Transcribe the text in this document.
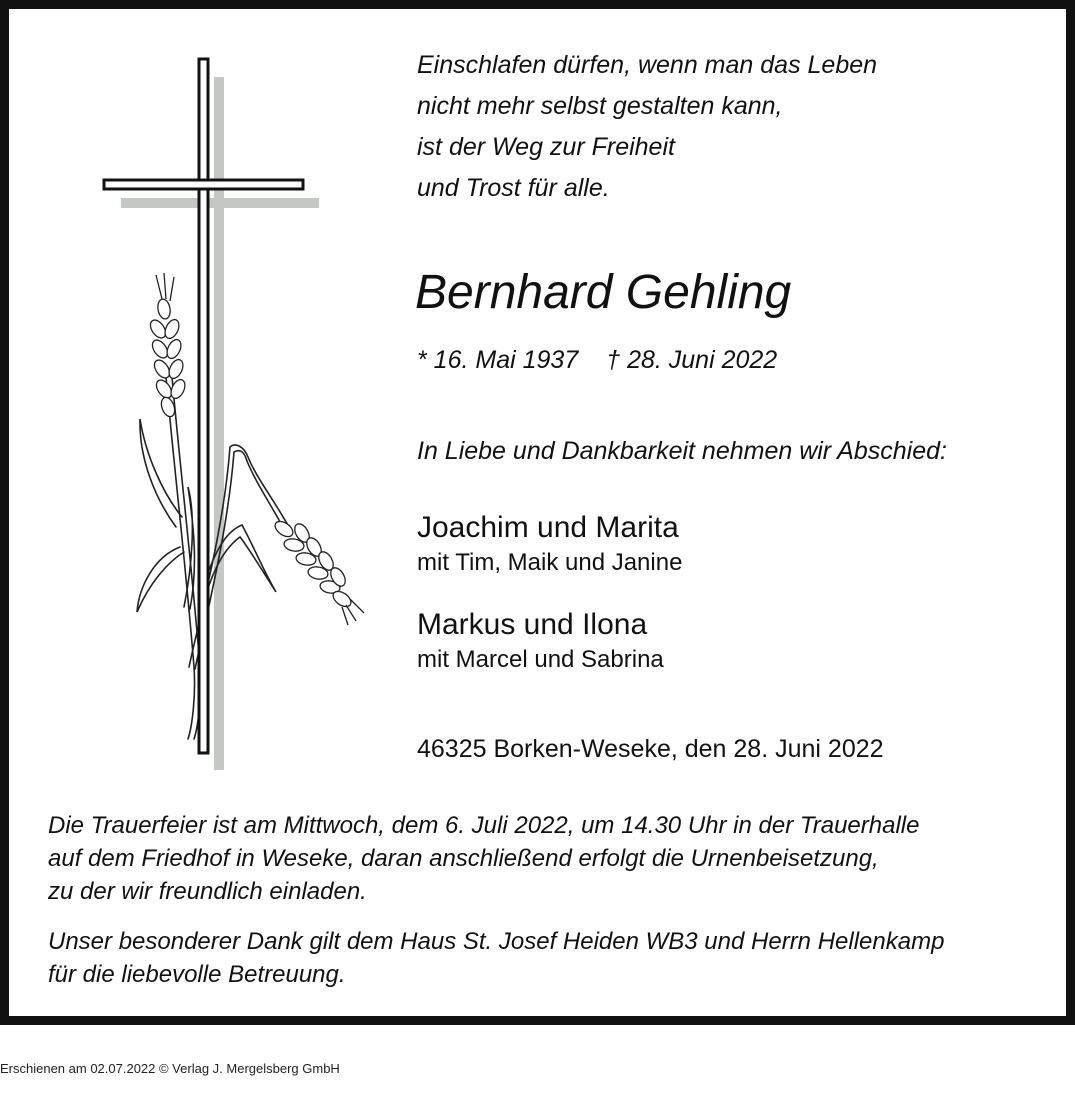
Einschlafen dürfen, wenn man das Leben
nicht mehr selbst gestalten kann,
ist der Weg zur Freiheit
und Trost für alle.
Bernhard Gehling
* 16. Mai 1937 † 28. Juni 2022
In Liebe und Dankbarkeit nehmen wir Abschied:
Joachim und Marita
mit Tim, Maik und Janine
Markus und Ilona
mit Marcel und Sabrina
46325 Borken-Weseke, den 28. Juni 2022
Die Trauerfeier ist am Mittwoch, dem 6. Juli 2022, um 14.30 Uhr in der Trauerhalle
auf dem Friedhof in Weseke, daran anschließend erfolgt die Urnenbeisetzung,
zu der wir freundlich einladen.
Unser besonderer Dank gilt dem Haus St. Josef Heiden WB3 und Herrn Hellenkamp
für die liebevolle Betreuung.
Erschienen am 02.07.2022 © Verlag J. Mergelsberg GmbH
